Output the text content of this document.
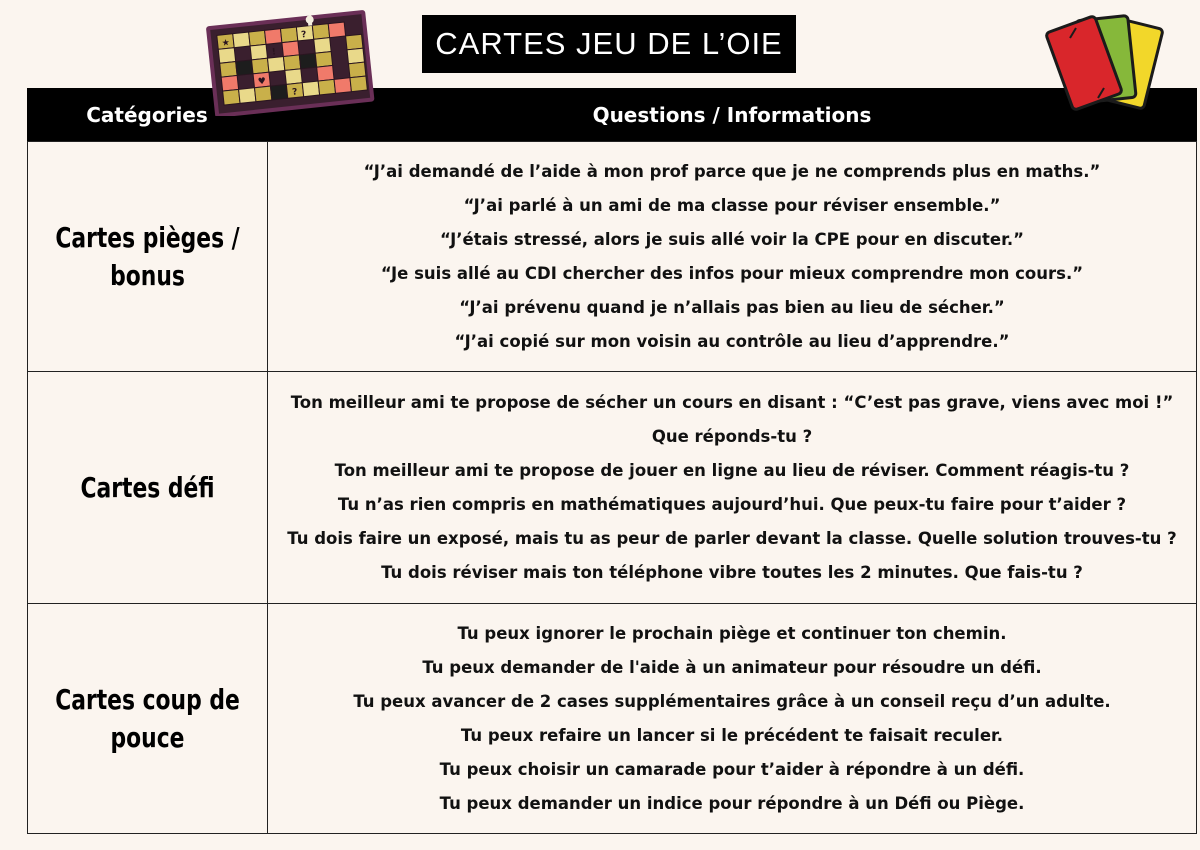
CARTES JEU DE L’OIE
★
!
?
?
♥
Catégories	Questions / Informations
Cartes pièges / bonus
“J’ai demandé de l’aide à mon prof parce que je ne comprends plus en maths.”
“J’ai parlé à un ami de ma classe pour réviser ensemble.”
“J’étais stressé, alors je suis allé voir la CPE pour en discuter.”
“Je suis allé au CDI chercher des infos pour mieux comprendre mon cours.”
“J’ai prévenu quand je n’allais pas bien au lieu de sécher.”
“J’ai copié sur mon voisin au contrôle au lieu d’apprendre.”
Cartes défi
Ton meilleur ami te propose de sécher un cours en disant : “C’est pas grave, viens avec moi !” Que réponds-tu ?
Ton meilleur ami te propose de jouer en ligne au lieu de réviser. Comment réagis-tu ?
Tu n’as rien compris en mathématiques aujourd’hui. Que peux-tu faire pour t’aider ?
Tu dois faire un exposé, mais tu as peur de parler devant la classe. Quelle solution trouves-tu ?
Tu dois réviser mais ton téléphone vibre toutes les 2 minutes. Que fais-tu ?
Cartes coup de pouce
Tu peux ignorer le prochain piège et continuer ton chemin.
Tu peux demander de l'aide à un animateur pour résoudre un défi.
Tu peux avancer de 2 cases supplémentaires grâce à un conseil reçu d’un adulte.
Tu peux refaire un lancer si le précédent te faisait reculer.
Tu peux choisir un camarade pour t’aider à répondre à un défi.
Tu peux demander un indice pour répondre à un Défi ou Piège.
